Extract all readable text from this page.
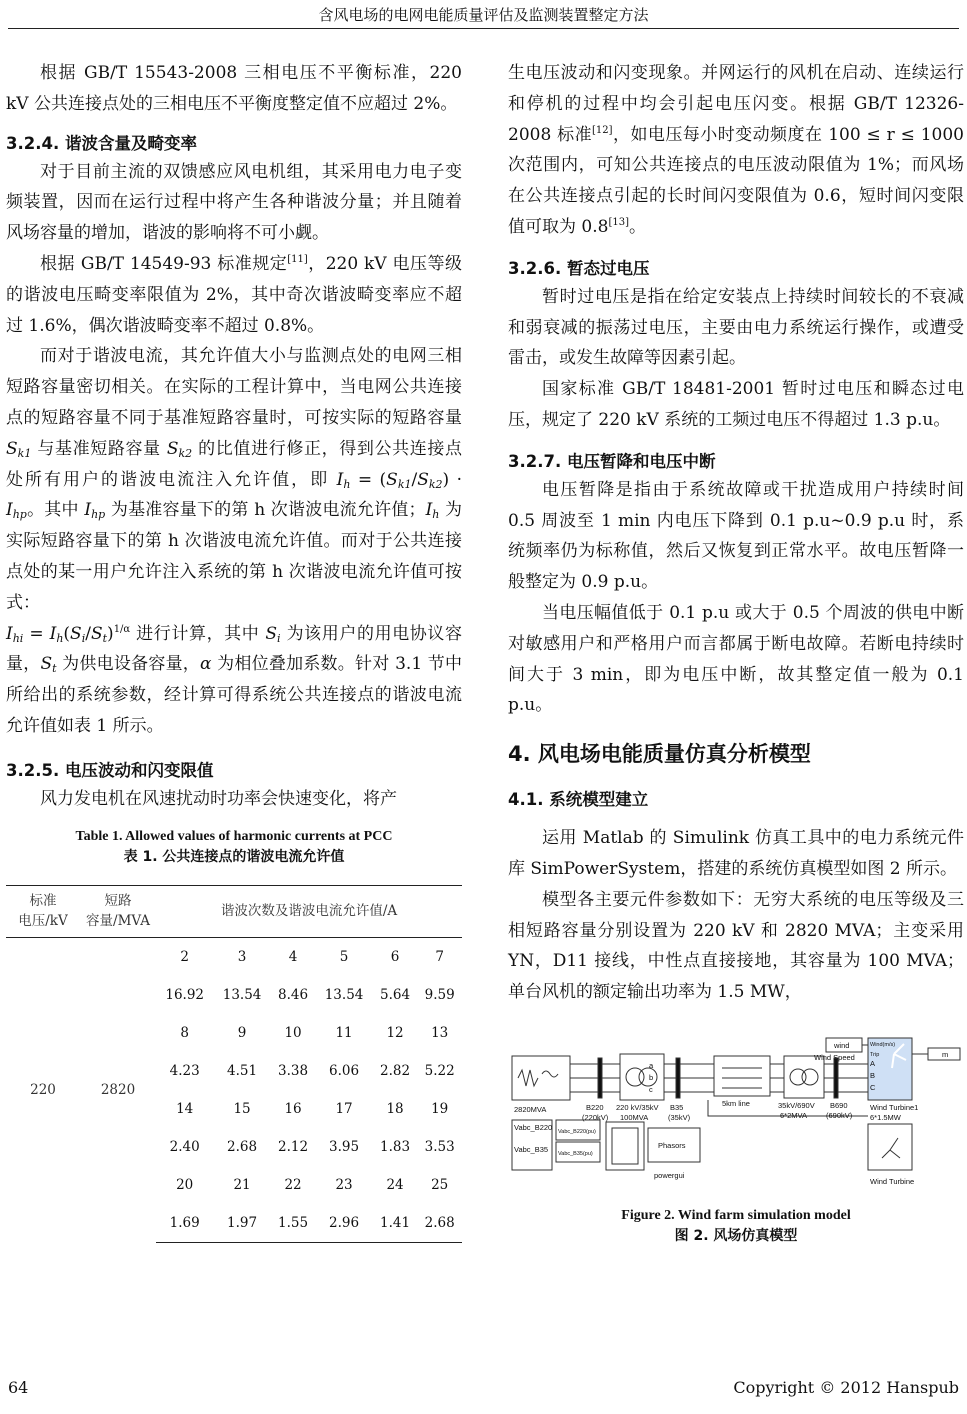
含风电场的电网电能质量评估及监测装置整定方法

根据 GB/T 15543-2008 三相电压不平衡标准，220 kV 公共连接点处的三相电压不平衡度整定值不应超过 2%。

3.2.4. 谐波含量及畸变率

对于目前主流的双馈感应风电机组，其采用电力电子变频装置，因而在运行过程中将产生各种谐波分量；并且随着风场容量的增加，谐波的影响将不可小觑。

根据 GB/T 14549-93 标准规定[11]，220 kV 电压等级的谐波电压畸变率限值为 2%，其中奇次谐波畸变率应不超过 1.6%，偶次谐波畸变率不超过 0.8%。

而对于谐波电流，其允许值大小与监测点处的电网三相短路容量密切相关。在实际的工程计算中，当电网公共连接点的短路容量不同于基准短路容量时，可按实际的短路容量 $S_{k1}$ 与基准短路容量 $S_{k2}$ 的比值进行修正，得到公共连接点处所有用户的谐波电流注入允许值，即 $I_h = (S_{k1}/S_{k2}) \cdot I_{hp}$。其中 $I_{hp}$ 为基准容量下的第 h 次谐波电流允许值；$I_h$ 为实际短路容量下的第 h 次谐波电流允许值。而对于公共连接点处的某一用户允许注入系统的第 h 次谐波电流允许值可按式：
$I_{hi} = I_h(S_i/S_t)^{1/\alpha}$ 进行计算，其中 $S_i$ 为该用户的用电协议容量，$S_t$ 为供电设备容量，α 为相位叠加系数。针对 3.1 节中所给出的系统参数，经计算可得系统公共连接点的谐波电流允许值如表 1 所示。

3.2.5. 电压波动和闪变限值

风力发电机在风速扰动时功率会快速变化，将产

Table 1. Allowed values of harmonic currents at PCC
表 1. 公共连接点的谐波电流允许值
标准
电压/kV	短路
容量/MVA	谐波次数及谐波电流允许值/A					
220	2820	2	3	4	5	6	7
		16.92	13.54	8.46	13.54	5.64	9.59
		8	9	10	11	12	13
		4.23	4.51	3.38	6.06	2.82	5.22
		14	15	16	17	18	19
		2.40	2.68	2.12	3.95	1.83	3.53
		20	21	22	23	24	25
		1.69	1.97	1.55	2.96	1.41	2.68

生电压波动和闪变现象。并网运行的风机在启动、连续运行和停机的过程中均会引起电压闪变。根据 GB/T 12326-2008 标准[12]，如电压每小时变动频度在 100 ≤ r ≤ 1000 次范围内，可知公共连接点的电压波动限值为 1%；而风场在公共连接点引起的长时间闪变限值为 0.6，短时间闪变限值可取为 0.8[13]。

3.2.6. 暂态过电压

暂时过电压是指在给定安装点上持续时间较长的不衰减和弱衰减的振荡过电压，主要由电力系统运行操作，或遭受雷击，或发生故障等因素引起。

国家标准 GB/T 18481-2001 暂时过电压和瞬态过电压，规定了 220 kV 系统的工频过电压不得超过 1.3 p.u。

3.2.7. 电压暂降和电压中断

电压暂降是指由于系统故障或干扰造成用户持续时间 0.5 周波至 1 min 内电压下降到 0.1 p.u~0.9 p.u 时，系统频率仍为标称值，然后又恢复到正常水平。故电压暂降一般整定为 0.9 p.u。

当电压幅值低于 0.1 p.u 或大于 0.5 个周波的供电中断对敏感用户和严格用户而言都属于断电故障。若断电持续时间大于 3 min，即为电压中断，故其整定值一般为 0.1 p.u。

4. 风电场电能质量仿真分析模型
4.1. 系统模型建立

运用 Matlab 的 Simulink 仿真工具中的电力系统元件库 SimPowerSystem，搭建的系统仿真模型如图 2 所示。

模型各主要元件参数如下：无穷大系统的电压等级及三相短路容量分别设置为 220 kV 和 2820 MVA；主变采用 YN，D11 接线，中性点直接接地，其容量为 100 MVA；单台风机的额定输出功率为 1.5 MW，

2820MVA	B220
(220kV)
220 kV/35kV
100MVA
B35
(35kV)
5km line	35kV/690V
6*2MVA
B690
(690kV)
wind
Wind Speed
Wind Turbine1
6*1.5MW
m
Vabc_B220
Vabc_B35
Vabc_B220(pu)
Vabc_B35(pu)
Phasors
powergui
Wind(m/s)
Trip
A
B
C
a
b
c
Wind Turbine
Figure 2. Wind farm simulation model
图 2. 风场仿真模型
64	Copyright © 2012 Hanspub
